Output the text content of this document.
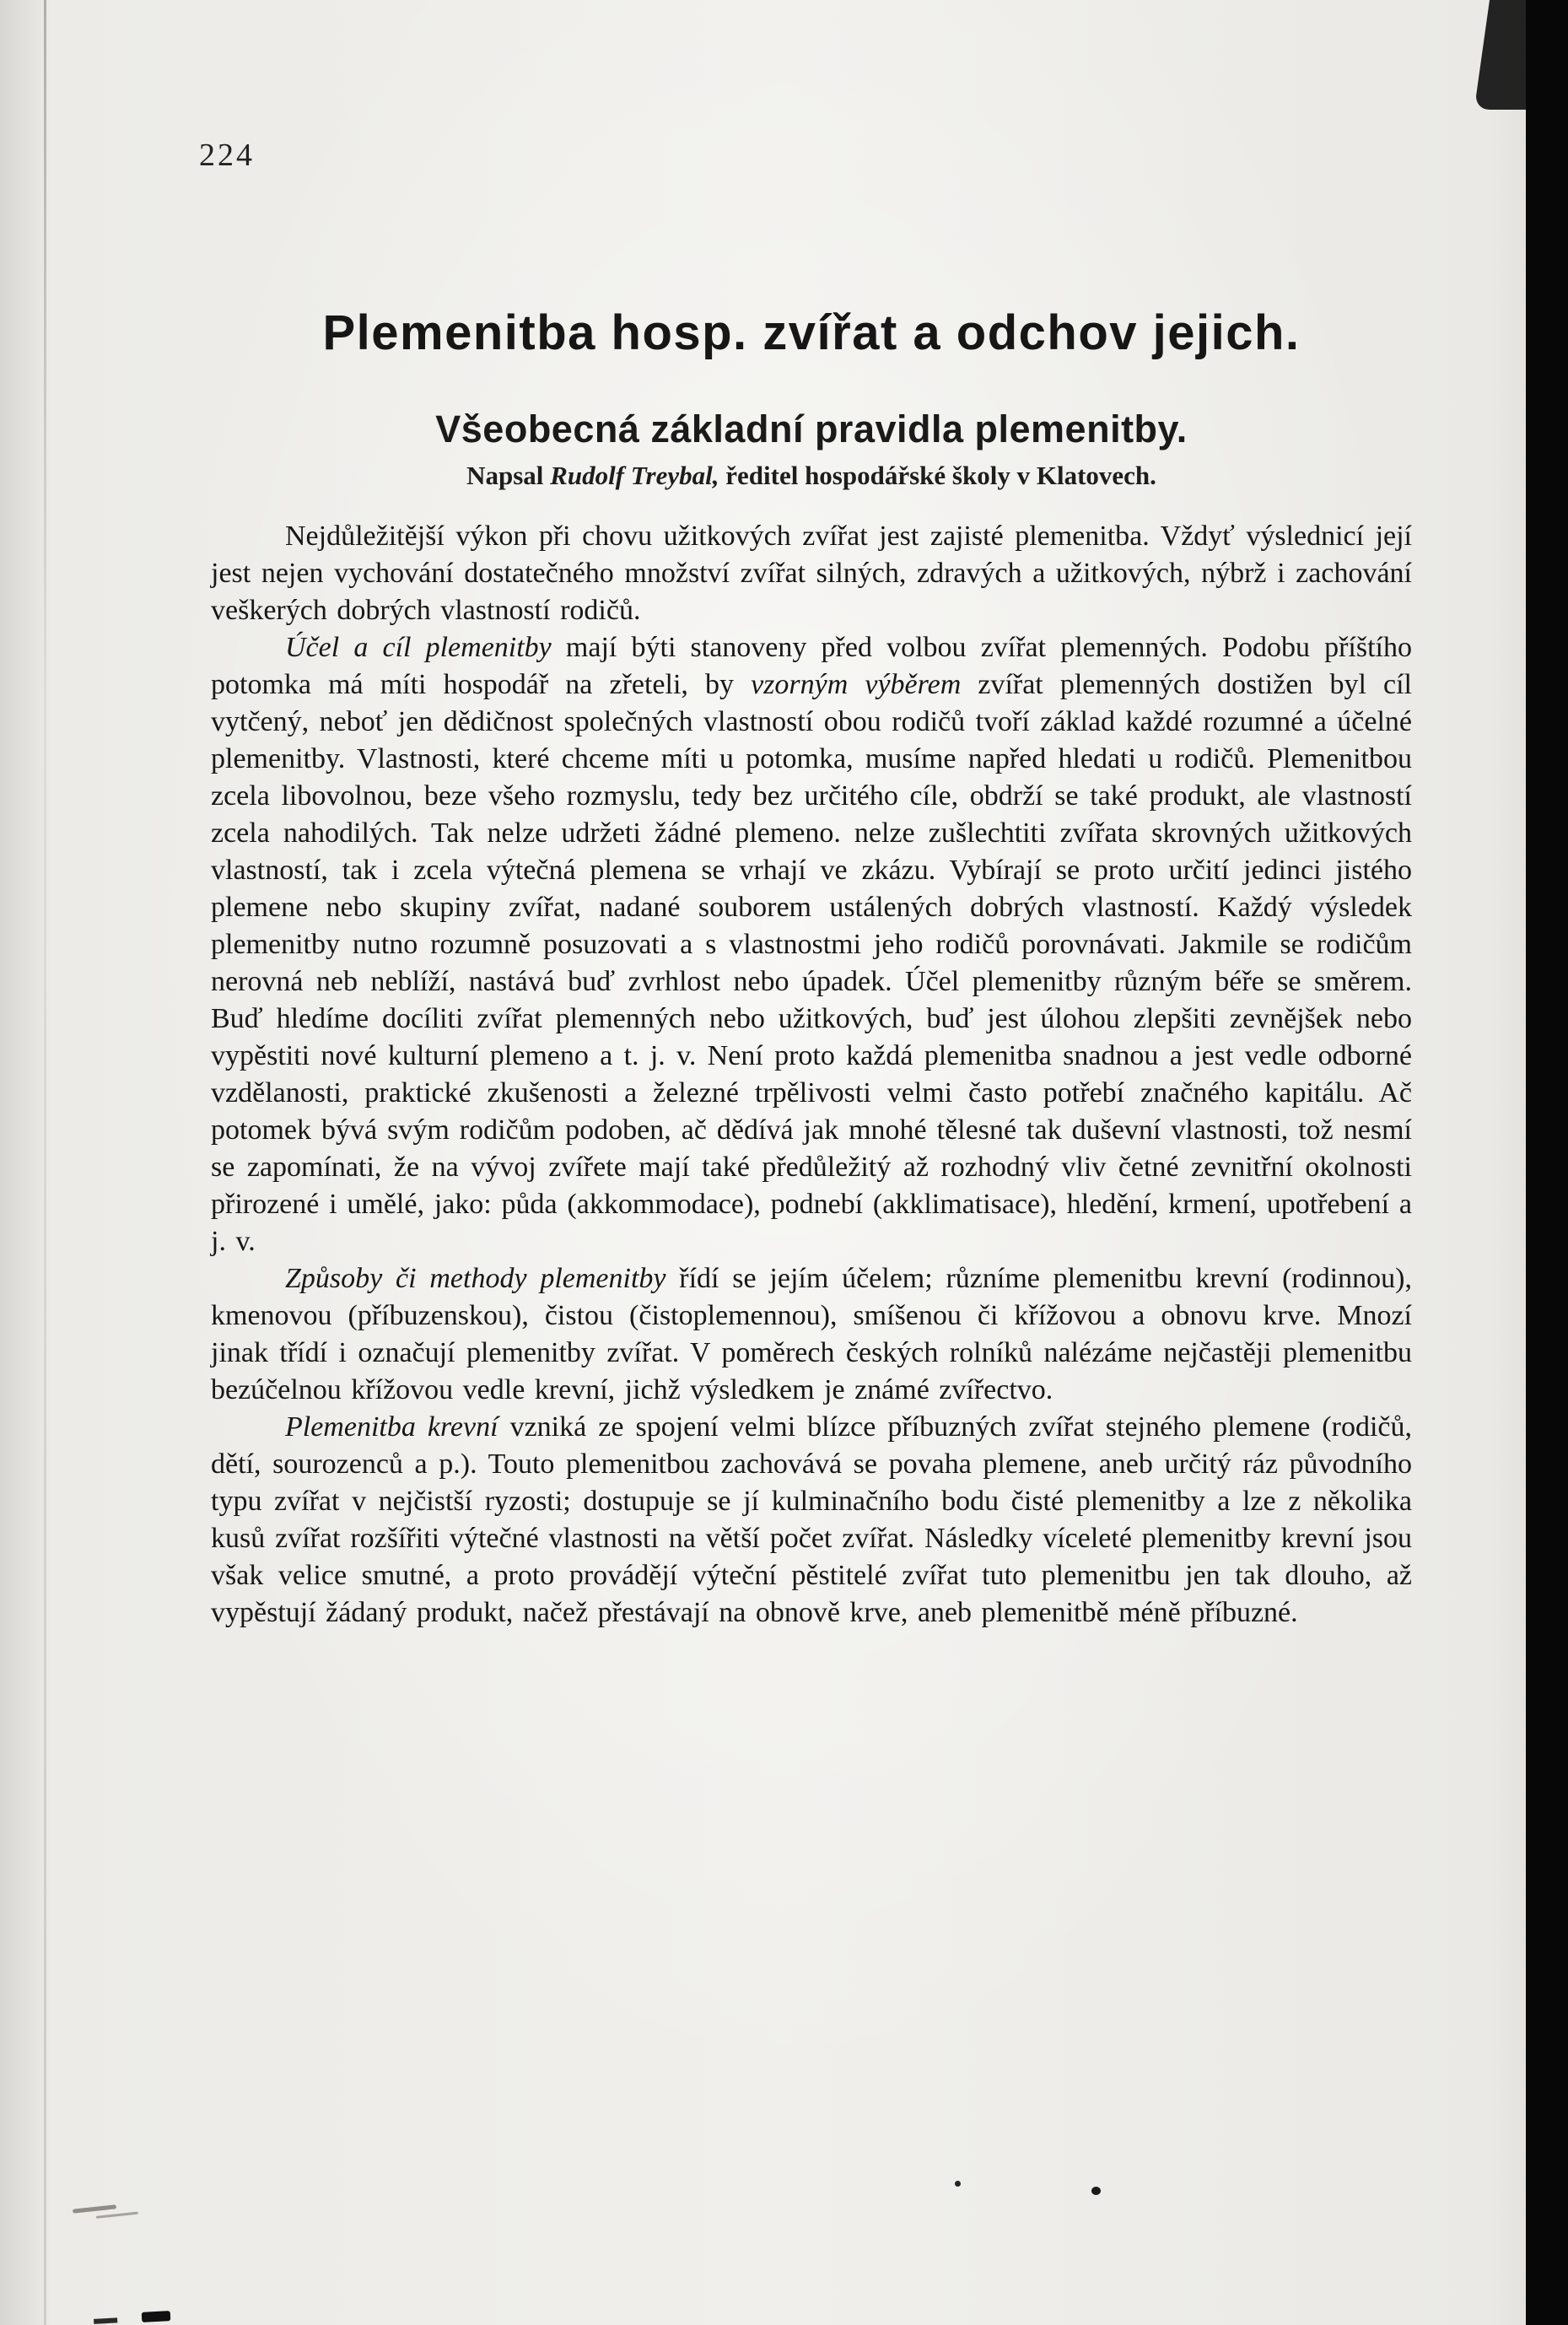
224
Plemenitba hosp. zvířat a odchov jejich.
Všeobecná základní pravidla plemenitby.
Napsal Rudolf Treybal, ředitel hospodářské školy v Klatovech.

Nejdůležitější výkon při chovu užitkových zvířat jest zajisté plemenitba. Vždyť výslednicí její jest nejen vychování dostatečného množství zvířat silných, zdravých a užitkových, nýbrž i zachování veškerých dobrých vlastností rodičů.

Účel a cíl plemenitby mají býti stanoveny před volbou zvířat plemenných. Podobu příštího potomka má míti hospodář na zřeteli, by vzorným výběrem zvířat plemenných dostižen byl cíl vytčený, neboť jen dědičnost společných vlastností obou rodičů tvoří základ každé rozumné a účelné plemenitby. Vlastnosti, které chceme míti u potomka, musíme napřed hledati u rodičů. Plemenitbou zcela libovolnou, beze všeho rozmyslu, tedy bez určitého cíle, obdrží se také produkt, ale vlastností zcela nahodilých. Tak nelze udržeti žádné plemeno. nelze zušlechtiti zvířata skrovných užitkových vlastností, tak i zcela výtečná plemena se vrhají ve zkázu. Vybírají se proto určití jedinci jistého plemene nebo skupiny zvířat, nadané souborem ustálených dobrých vlastností. Každý výsledek plemenitby nutno rozumně posuzovati a s vlastnostmi jeho rodičů porovnávati. Jakmile se rodičům nerovná neb neblíží, nastává buď zvrhlost nebo úpadek. Účel plemenitby různým béře se směrem. Buď hledíme docíliti zvířat plemenných nebo užitkových, buď jest úlohou zlepšiti zevnějšek nebo vypěstiti nové kulturní plemeno a t. j. v. Není proto každá plemenitba snadnou a jest vedle odborné vzdělanosti, praktické zkušenosti a železné trpělivosti velmi často potřebí značného kapitálu. Ač potomek bývá svým rodičům podoben, ač dědívá jak mnohé tělesné tak duševní vlastnosti, tož nesmí se zapomínati, že na vývoj zvířete mají také předůležitý až rozhodný vliv četné zevnitřní okolnosti přirozené i umělé, jako: půda (akkommodace), podnebí (akklimatisace), hledění, krmení, upotřebení a j. v.

Způsoby či methody plemenitby řídí se jejím účelem; různíme plemenitbu krevní (rodinnou), kmenovou (příbuzenskou), čistou (čistoplemennou), smíšenou či křížovou a obnovu krve. Mnozí jinak třídí i označují plemenitby zvířat. V poměrech českých rolníků nalézáme nejčastěji plemenitbu bezúčelnou křížovou vedle krevní, jichž výsledkem je známé zvířectvo.

Plemenitba krevní vzniká ze spojení velmi blízce příbuzných zvířat stejného plemene (rodičů, dětí, sourozenců a p.). Touto plemenitbou zachovává se povaha plemene, aneb určitý ráz původního typu zvířat v nejčistší ryzosti; dostupuje se jí kulminačního bodu čisté plemenitby a lze z několika kusů zvířat rozšířiti výtečné vlastnosti na větší počet zvířat. Následky víceleté plemenitby krevní jsou však velice smutné, a proto provádějí výteční pěstitelé zvířat tuto plemenitbu jen tak dlouho, až vypěstují žádaný produkt, načež přestávají na obnově krve, aneb plemenitbě méně příbuzné.
